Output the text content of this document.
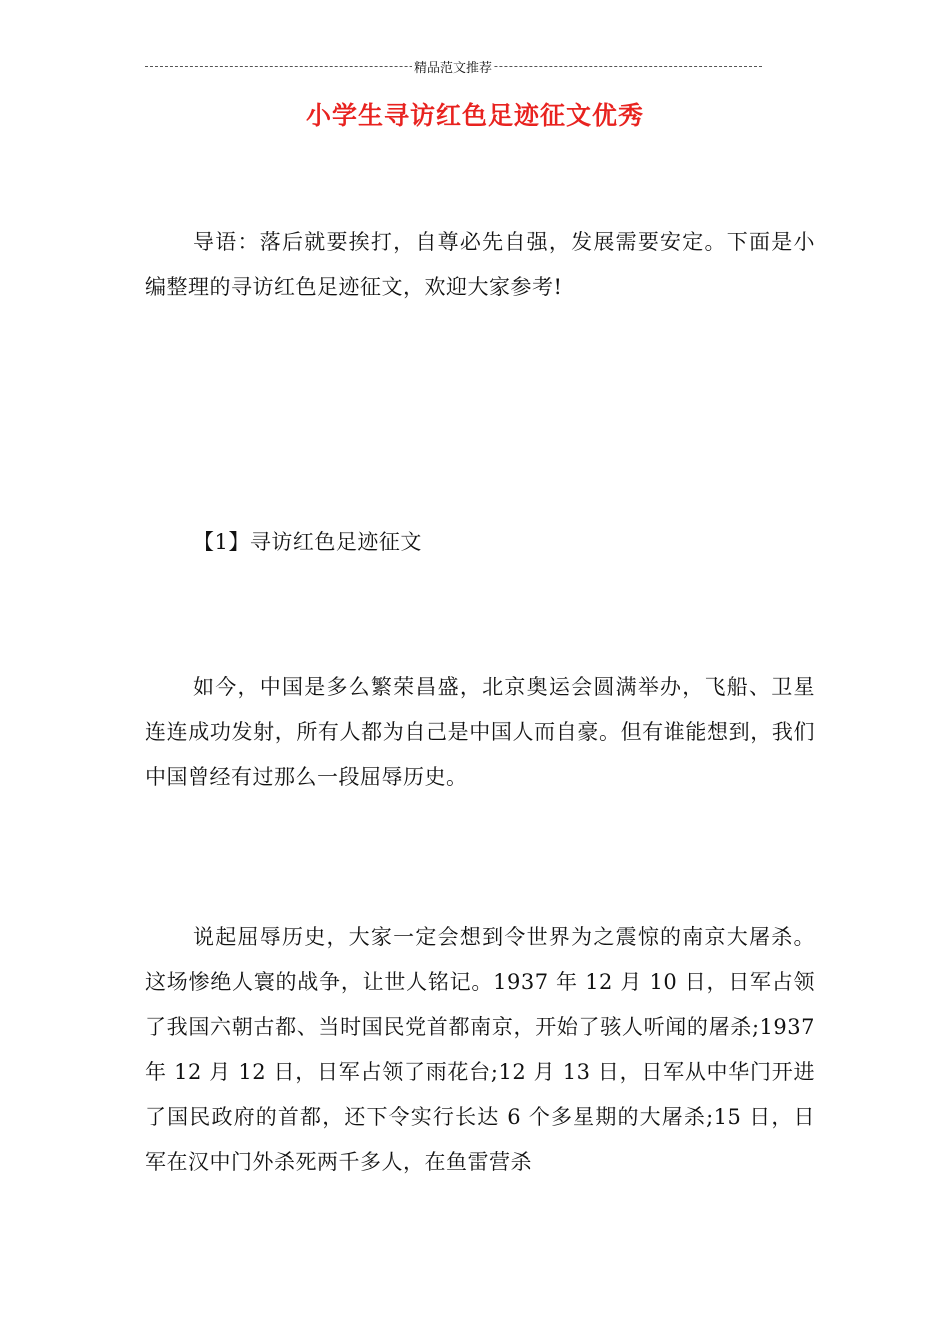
精品范文推荐
小学生寻访红色足迹征文优秀

导语：落后就要挨打，自尊必先自强，发展需要安定。下面是小编整理的寻访红色足迹征文，欢迎大家参考!

【1】寻访红色足迹征文

如今，中国是多么繁荣昌盛，北京奥运会圆满举办，飞船、卫星连连成功发射，所有人都为自己是中国人而自豪。但有谁能想到，我们中国曾经有过那么一段屈辱历史。

说起屈辱历史，大家一定会想到令世界为之震惊的南京大屠杀。这场惨绝人寰的战争，让世人铭记。1937 年 12 月 10 日，日军占领了我国六朝古都、当时国民党首都南京，开始了骇人听闻的屠杀;1937 年 12 月 12 日，日军占领了雨花台;12 月 13 日，日军从中华门开进了国民政府的首都，还下令实行长达 6 个多星期的大屠杀;15 日，日军在汉中门外杀死两千多人，在鱼雷营杀
